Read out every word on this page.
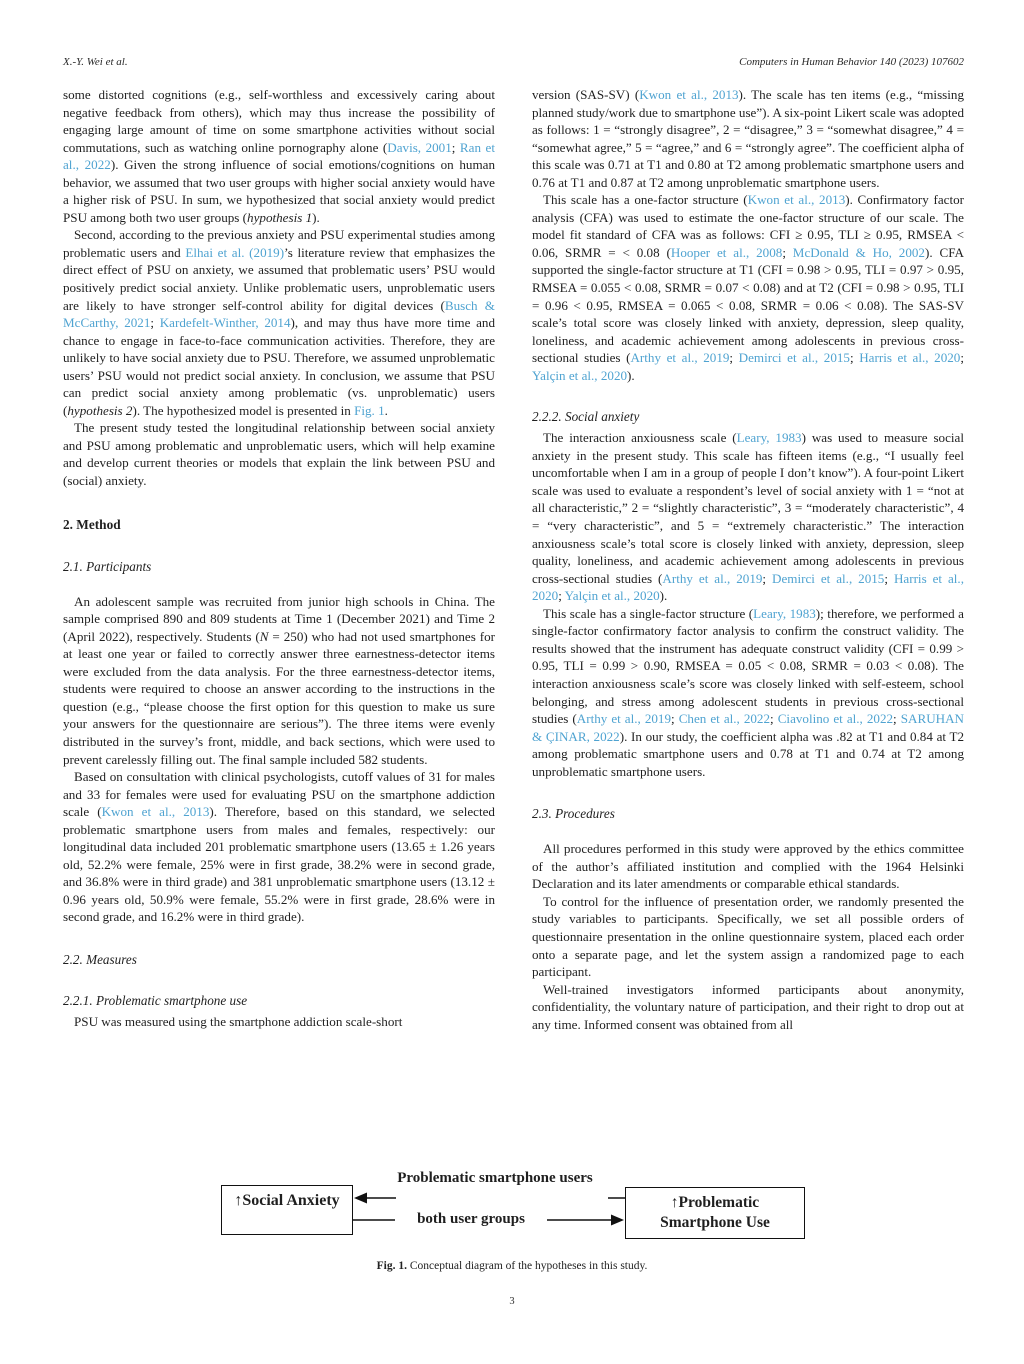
X.-Y. Wei et al.	Computers in Human Behavior 140 (2023) 107602

some distorted cognitions (e.g., self-worthless and excessively caring about negative feedback from others), which may thus increase the possibility of engaging large amount of time on some smartphone activities without social commutations, such as watching online pornography alone (Davis, 2001; Ran et al., 2022). Given the strong influence of social emotions/cognitions on human behavior, we assumed that two user groups with higher social anxiety would have a higher risk of PSU. In sum, we hypothesized that social anxiety would predict PSU among both two user groups (hypothesis 1).

Second, according to the previous anxiety and PSU experimental studies among problematic users and Elhai et al. (2019)’s literature review that emphasizes the direct effect of PSU on anxiety, we assumed that problematic users’ PSU would positively predict social anxiety. Unlike problematic users, unproblematic users are likely to have stronger self-control ability for digital devices (Busch & McCarthy, 2021; Kardefelt-Winther, 2014), and may thus have more time and chance to engage in face-to-face communication activities. Therefore, they are unlikely to have social anxiety due to PSU. Therefore, we assumed unproblematic users’ PSU would not predict social anxiety. In conclusion, we assume that PSU can predict social anxiety among problematic (vs. unproblematic) users (hypothesis 2). The hypothesized model is presented in Fig. 1.

The present study tested the longitudinal relationship between social anxiety and PSU among problematic and unproblematic users, which will help examine and develop current theories or models that explain the link between PSU and (social) anxiety.

2. Method
2.1. Participants

An adolescent sample was recruited from junior high schools in China. The sample comprised 890 and 809 students at Time 1 (December 2021) and Time 2 (April 2022), respectively. Students (N = 250) who had not used smartphones for at least one year or failed to correctly answer three earnestness-detector items were excluded from the data analysis. For the three earnestness-detector items, students were required to choose an answer according to the instructions in the question (e.g., “please choose the first option for this question to make us sure your answers for the questionnaire are serious”). The three items were evenly distributed in the survey’s front, middle, and back sections, which were used to prevent carelessly filling out. The final sample included 582 students.

Based on consultation with clinical psychologists, cutoff values of 31 for males and 33 for females were used for evaluating PSU on the smartphone addiction scale (Kwon et al., 2013). Therefore, based on this standard, we selected problematic smartphone users from males and females, respectively: our longitudinal data included 201 problematic smartphone users (13.65 ± 1.26 years old, 52.2% were female, 25% were in first grade, 38.2% were in second grade, and 36.8% were in third grade) and 381 unproblematic smartphone users (13.12 ± 0.96 years old, 50.9% were female, 55.2% were in first grade, 28.6% were in second grade, and 16.2% were in third grade).

2.2. Measures
2.2.1. Problematic smartphone use

PSU was measured using the smartphone addiction scale-short

version (SAS-SV) (Kwon et al., 2013). The scale has ten items (e.g., “missing planned study/work due to smartphone use”). A six-point Likert scale was adopted as follows: 1 = “strongly disagree”, 2 = “disagree,” 3 = “somewhat disagree,” 4 = “somewhat agree,” 5 = “agree,” and 6 = “strongly agree”. The coefficient alpha of this scale was 0.71 at T1 and 0.80 at T2 among problematic smartphone users and 0.76 at T1 and 0.87 at T2 among unproblematic smartphone users.

This scale has a one-factor structure (Kwon et al., 2013). Confirmatory factor analysis (CFA) was used to estimate the one-factor structure of our scale. The model fit standard of CFA was as follows: CFI ≥ 0.95, TLI ≥ 0.95, RMSEA < 0.06, SRMR = < 0.08 (Hooper et al., 2008; McDonald & Ho, 2002). CFA supported the single-factor structure at T1 (CFI = 0.98 > 0.95, TLI = 0.97 > 0.95, RMSEA = 0.055 < 0.08, SRMR = 0.07 < 0.08) and at T2 (CFI = 0.98 > 0.95, TLI = 0.96 < 0.95, RMSEA = 0.065 < 0.08, SRMR = 0.06 < 0.08). The SAS-SV scale’s total score was closely linked with anxiety, depression, sleep quality, loneliness, and academic achievement among adolescents in previous cross-sectional studies (Arthy et al., 2019; Demirci et al., 2015; Harris et al., 2020; Yalçin et al., 2020).

2.2.2. Social anxiety

The interaction anxiousness scale (Leary, 1983) was used to measure social anxiety in the present study. This scale has fifteen items (e.g., “I usually feel uncomfortable when I am in a group of people I don’t know”). A four-point Likert scale was used to evaluate a respondent’s level of social anxiety with 1 = “not at all characteristic,” 2 = “slightly characteristic”, 3 = “moderately characteristic”, 4 = “very characteristic”, and 5 = “extremely characteristic.” The interaction anxiousness scale’s total score is closely linked with anxiety, depression, sleep quality, loneliness, and academic achievement among adolescents in previous cross-sectional studies (Arthy et al., 2019; Demirci et al., 2015; Harris et al., 2020; Yalçin et al., 2020).

This scale has a single-factor structure (Leary, 1983); therefore, we performed a single-factor confirmatory factor analysis to confirm the construct validity. The results showed that the instrument has adequate construct validity (CFI = 0.99 > 0.95, TLI = 0.99 > 0.90, RMSEA = 0.05 < 0.08, SRMR = 0.03 < 0.08). The interaction anxiousness scale’s score was closely linked with self-esteem, school belonging, and stress among adolescent students in previous cross-sectional studies (Arthy et al., 2019; Chen et al., 2022; Ciavolino et al., 2022; SARUHAN & ÇINAR, 2022). In our study, the coefficient alpha was .82 at T1 and 0.84 at T2 among problematic smartphone users and 0.78 at T1 and 0.74 at T2 among unproblematic smartphone users.

2.3. Procedures

All procedures performed in this study were approved by the ethics committee of the author’s affiliated institution and complied with the 1964 Helsinki Declaration and its later amendments or comparable ethical standards.

To control for the influence of presentation order, we randomly presented the study variables to participants. Specifically, we set all possible orders of questionnaire presentation in the online questionnaire system, placed each order onto a separate page, and let the system assign a randomized page to each participant.

Well-trained investigators informed participants about anonymity, confidentiality, the voluntary nature of participation, and their right to drop out at any time. Informed consent was obtained from all

Problematic smartphone users
both user groups
↑Social Anxiety	↑Problematic
Smartphone Use
Fig. 1. Conceptual diagram of the hypotheses in this study.
3
